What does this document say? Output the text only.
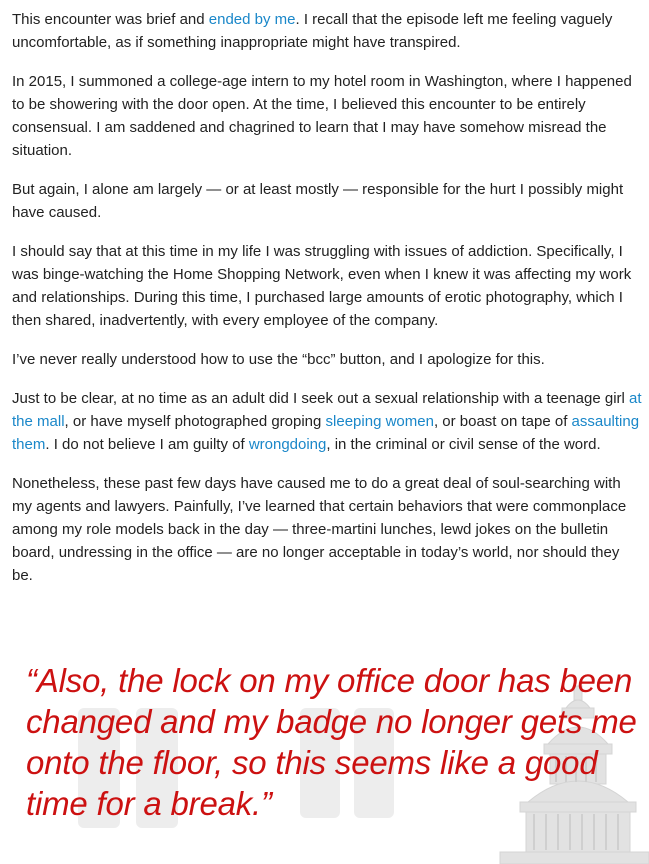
This encounter was brief and ended by me. I recall that the episode left me feeling vaguely uncomfortable, as if something inappropriate might have transpired.

In 2015, I summoned a college-age intern to my hotel room in Washington, where I happened to be showering with the door open. At the time, I believed this encounter to be entirely consensual. I am saddened and chagrined to learn that I may have somehow misread the situation.

But again, I alone am largely — or at least mostly — responsible for the hurt I possibly might have caused.

I should say that at this time in my life I was struggling with issues of addiction. Specifically, I was binge-watching the Home Shopping Network, even when I knew it was affecting my work and relationships. During this time, I purchased large amounts of erotic photography, which I then shared, inadvertently, with every employee of the company.

I’ve never really understood how to use the “bcc” button, and I apologize for this.

Just to be clear, at no time as an adult did I seek out a sexual relationship with a teenage girl at the mall, or have myself photographed groping sleeping women, or boast on tape of assaulting them. I do not believe I am guilty of wrongdoing, in the criminal or civil sense of the word.

Nonetheless, these past few days have caused me to do a great deal of soul-searching with my agents and lawyers. Painfully, I’ve learned that certain behaviors that were commonplace among my role models back in the day — three-martini lunches, lewd jokes on the bulletin board, undressing in the office — are no longer acceptable in today’s world, nor should they be.

“Also, the lock on my office door has been changed and my badge no longer gets me onto the floor, so this seems like a good time for a break.”
